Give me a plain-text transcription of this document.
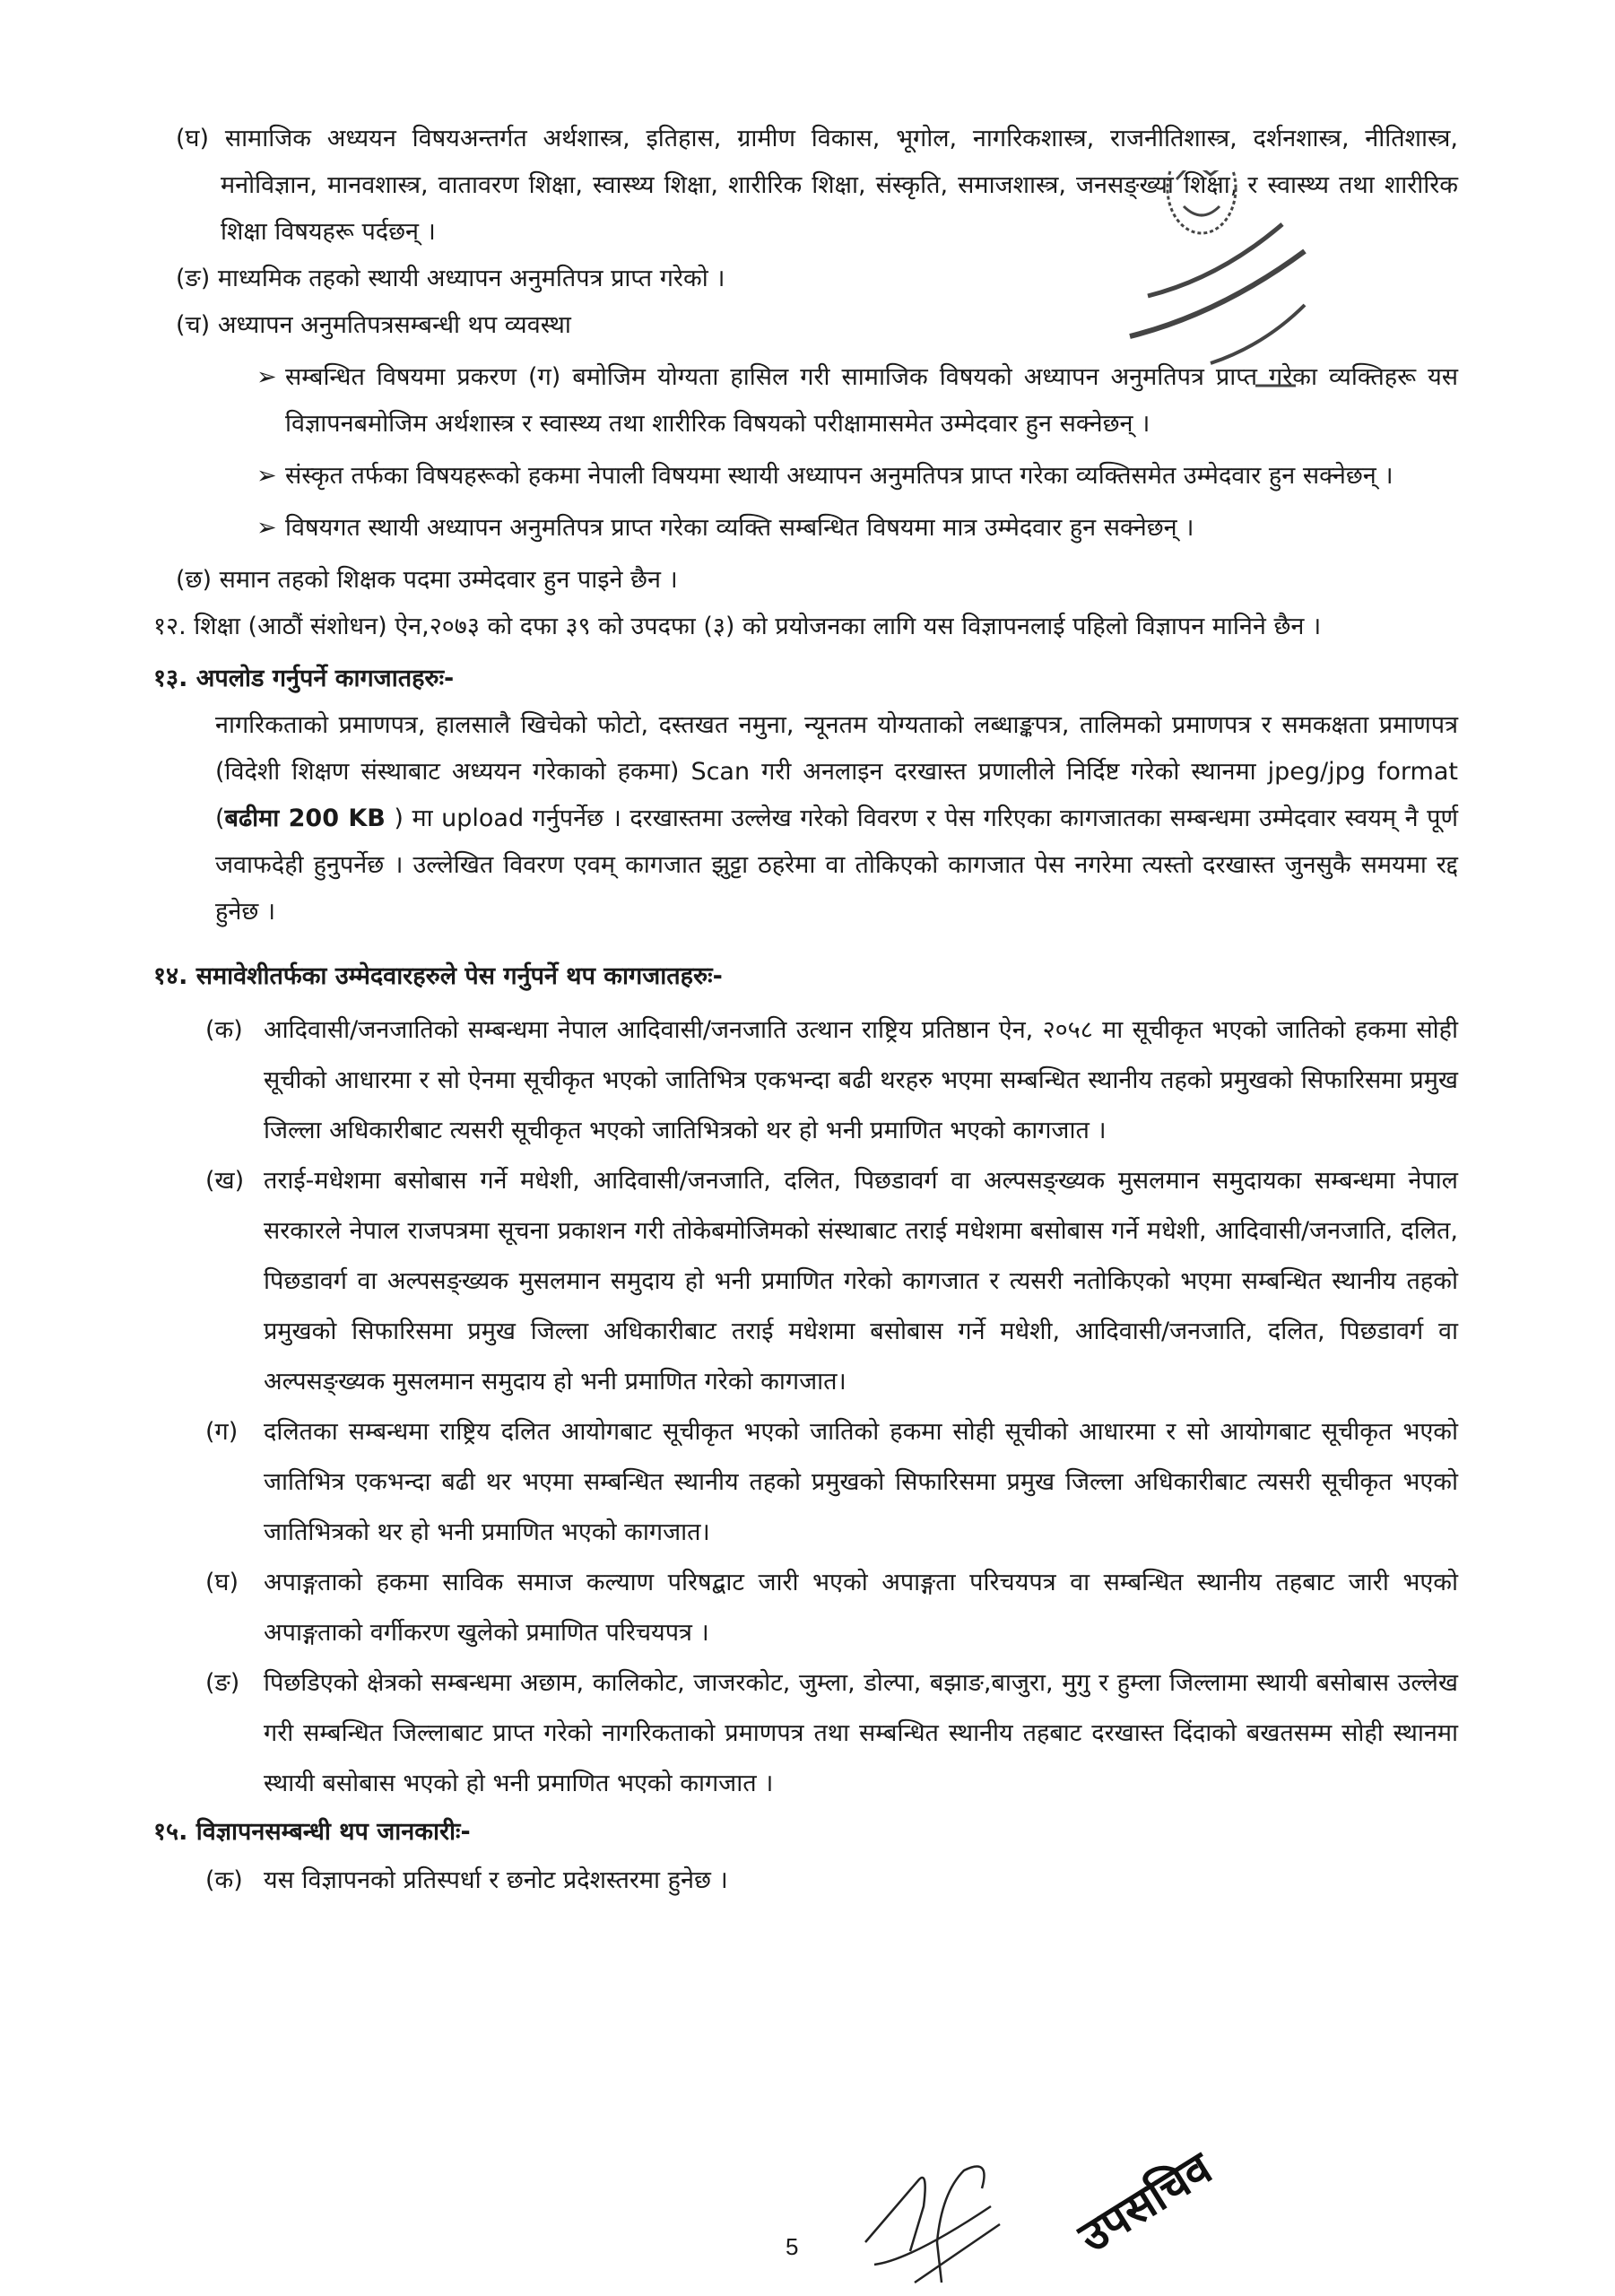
(घ) सामाजिक अध्ययन विषयअन्तर्गत अर्थशास्त्र, इतिहास, ग्रामीण विकास, भूगोल, नागरिकशास्त्र, राजनीतिशास्त्र, दर्शनशास्त्र, नीतिशास्त्र, मनोविज्ञान, मानवशास्त्र, वातावरण शिक्षा, स्वास्थ्य शिक्षा, शारीरिक शिक्षा, संस्कृति, समाजशास्त्र, जनसङ्ख्या शिक्षा, र स्वास्थ्य तथा शारीरिक शिक्षा विषयहरू पर्दछन् ।
(ङ) माध्यमिक तहको स्थायी अध्यापन अनुमतिपत्र प्राप्त गरेको ।
(च) अध्यापन अनुमतिपत्रसम्बन्धी थप व्यवस्था
➢ सम्बन्धित विषयमा प्रकरण (ग) बमोजिम योग्यता हासिल गरी सामाजिक विषयको अध्यापन अनुमतिपत्र प्राप्त गरेका व्यक्तिहरू यस विज्ञापनबमोजिम अर्थशास्त्र र स्वास्थ्य तथा शारीरिक विषयको परीक्षामासमेत उम्मेदवार हुन सक्नेछन् ।
➢ संस्कृत तर्फका विषयहरूको हकमा नेपाली विषयमा स्थायी अध्यापन अनुमतिपत्र प्राप्त गरेका व्यक्तिसमेत उम्मेदवार हुन सक्नेछन् ।
➢ विषयगत स्थायी अध्यापन अनुमतिपत्र प्राप्त गरेका व्यक्ति सम्बन्धित विषयमा मात्र उम्मेदवार हुन सक्नेछन् ।
(छ) समान तहको शिक्षक पदमा उम्मेदवार हुन पाइने छैन ।
१२. शिक्षा (आठौं संशोधन) ऐन,२०७३ को दफा ३९ को उपदफा (३) को प्रयोजनका लागि यस विज्ञापनलाई पहिलो विज्ञापन मानिने छैन ।
१३. अपलोड गर्नुपर्ने कागजातहरुः-
नागरिकताको प्रमाणपत्र, हालसालै खिचेको फोटो, दस्तखत नमुना, न्यूनतम योग्यताको लब्धाङ्कपत्र, तालिमको प्रमाणपत्र र समकक्षता प्रमाणपत्र (विदेशी शिक्षण संस्थाबाट अध्ययन गरेकाको हकमा) Scan गरी अनलाइन दरखास्त प्रणालीले निर्दिष्ट गरेको स्थानमा jpeg/jpg format (बढीमा 200 KB ) मा upload गर्नुपर्नेछ । दरखास्तमा उल्लेख गरेको विवरण र पेस गरिएका कागजातका सम्बन्धमा उम्मेदवार स्वयम् नै पूर्ण जवाफदेही हुनुपर्नेछ । उल्लेखित विवरण एवम् कागजात झुट्टा ठहरेमा वा तोकिएको कागजात पेस नगरेमा त्यस्तो दरखास्त जुनसुकै समयमा रद्द हुनेछ ।
१४. समावेशीतर्फका उम्मेदवारहरुले पेस गर्नुपर्ने थप कागजातहरुः-
(क) आदिवासी/जनजातिको सम्बन्धमा नेपाल आदिवासी/जनजाति उत्थान राष्ट्रिय प्रतिष्ठान ऐन, २०५८ मा सूचीकृत भएको जातिको हकमा सोही सूचीको आधारमा र सो ऐनमा सूचीकृत भएको जातिभित्र एकभन्दा बढी थरहरु भएमा सम्बन्धित स्थानीय तहको प्रमुखको सिफारिसमा प्रमुख जिल्ला अधिकारीबाट त्यसरी सूचीकृत भएको जातिभित्रको थर हो भनी प्रमाणित भएको कागजात ।
(ख) तराई-मधेशमा बसोबास गर्ने मधेशी, आदिवासी/जनजाति, दलित, पिछडावर्ग वा अल्पसङ्ख्यक मुसलमान समुदायका सम्बन्धमा नेपाल सरकारले नेपाल राजपत्रमा सूचना प्रकाशन गरी तोकेबमोजिमको संस्थाबाट तराई मधेशमा बसोबास गर्ने मधेशी, आदिवासी/जनजाति, दलित, पिछडावर्ग वा अल्पसङ्ख्यक मुसलमान समुदाय हो भनी प्रमाणित गरेको कागजात र त्यसरी नतोकिएको भएमा सम्बन्धित स्थानीय तहको प्रमुखको सिफारिसमा प्रमुख जिल्ला अधिकारीबाट तराई मधेशमा बसोबास गर्ने मधेशी, आदिवासी/जनजाति, दलित, पिछडावर्ग वा अल्पसङ्ख्यक मुसलमान समुदाय हो भनी प्रमाणित गरेको कागजात।
(ग) दलितका सम्बन्धमा राष्ट्रिय दलित आयोगबाट सूचीकृत भएको जातिको हकमा सोही सूचीको आधारमा र सो आयोगबाट सूचीकृत भएको जातिभित्र एकभन्दा बढी थर भएमा सम्बन्धित स्थानीय तहको प्रमुखको सिफारिसमा प्रमुख जिल्ला अधिकारीबाट त्यसरी सूचीकृत भएको जातिभित्रको थर हो भनी प्रमाणित भएको कागजात।
(घ) अपाङ्गताको हकमा साविक समाज कल्याण परिषद्बाट जारी भएको अपाङ्गता परिचयपत्र वा सम्बन्धित स्थानीय तहबाट जारी भएको अपाङ्गताको वर्गीकरण खुलेको प्रमाणित परिचयपत्र ।
(ङ) पिछडिएको क्षेत्रको सम्बन्धमा अछाम, कालिकोट, जाजरकोट, जुम्ला, डोल्पा, बझाङ,बाजुरा, मुगु र हुम्ला जिल्लामा स्थायी बसोबास उल्लेख गरी सम्बन्धित जिल्लाबाट प्राप्त गरेको नागरिकताको प्रमाणपत्र तथा सम्बन्धित स्थानीय तहबाट दरखास्त दिंदाको बखतसम्म सोही स्थानमा स्थायी बसोबास भएको हो भनी प्रमाणित भएको कागजात ।
१५. विज्ञापनसम्बन्धी थप जानकारीः-
(क) यस विज्ञापनको प्रतिस्पर्धा र छनोट प्रदेशस्तरमा हुनेछ ।
उपसचिव
5
